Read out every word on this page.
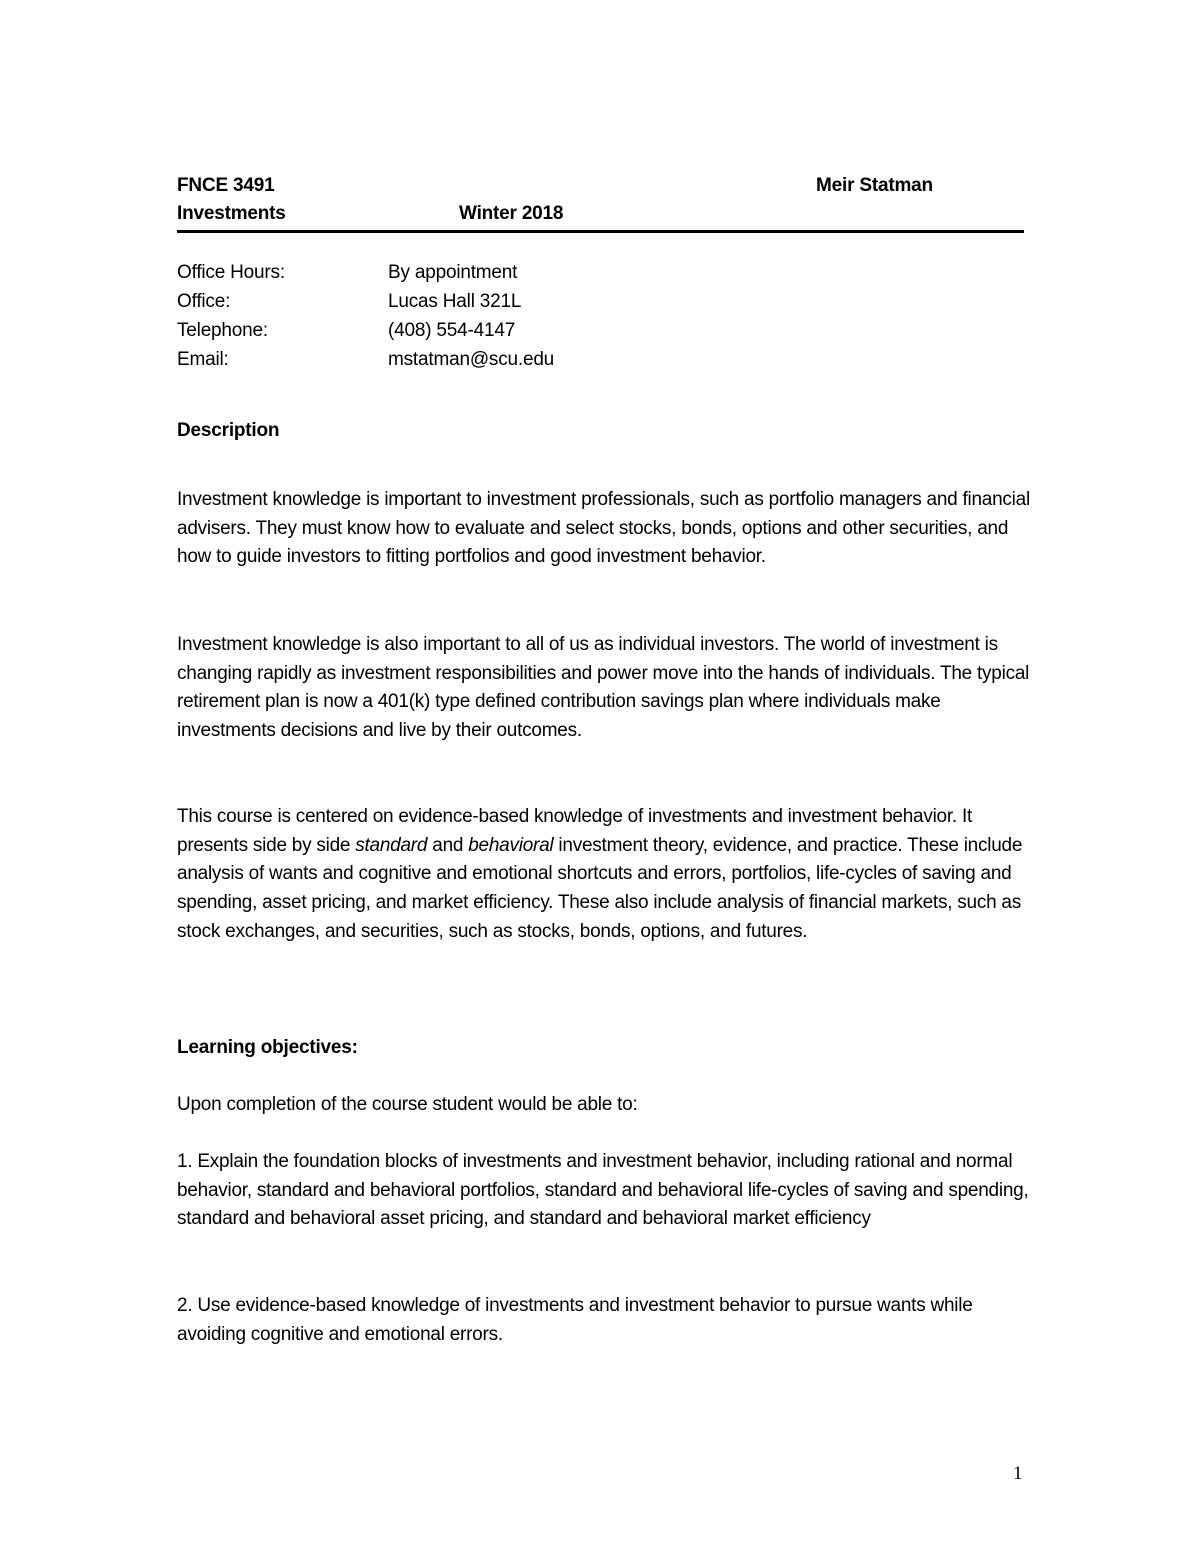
FNCE 3491	Meir Statman
Investments	Winter 2018
Office Hours:	By appointment
Office:	Lucas Hall 321L
Telephone:	(408) 554-4147
Email:	mstatman@scu.edu
Description

Investment knowledge is important to investment professionals, such as portfolio managers and financial advisers. They must know how to evaluate and select stocks, bonds, options and other securities, and how to guide investors to fitting portfolios and good investment behavior.

Investment knowledge is also important to all of us as individual investors. The world of investment is changing rapidly as investment responsibilities and power move into the hands of individuals. The typical retirement plan is now a 401(k) type defined contribution savings plan where individuals make investments decisions and live by their outcomes.

This course is centered on evidence-based knowledge of investments and investment behavior. It presents side by side standard and behavioral investment theory, evidence, and practice. These include analysis of wants and cognitive and emotional shortcuts and errors, portfolios, life-cycles of saving and spending, asset pricing, and market efficiency. These also include analysis of financial markets, such as stock exchanges, and securities, such as stocks, bonds, options, and futures.

Learning objectives:

Upon completion of the course student would be able to:

1. Explain the foundation blocks of investments and investment behavior, including rational and normal behavior, standard and behavioral portfolios, standard and behavioral life-cycles of saving and spending, standard and behavioral asset pricing, and standard and behavioral market efficiency

2. Use evidence-based knowledge of investments and investment behavior to pursue wants while avoiding cognitive and emotional errors.

1
